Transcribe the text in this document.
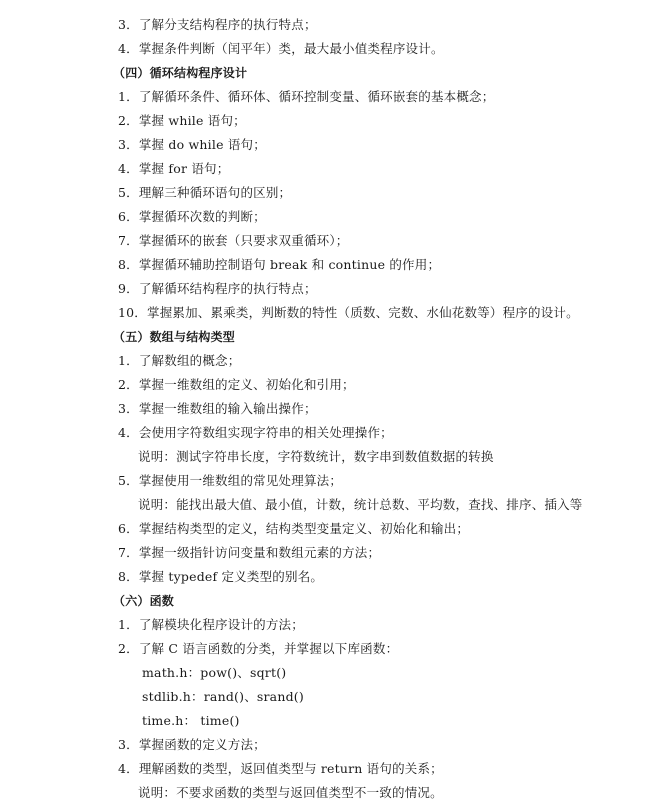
3．了解分支结构程序的执行特点；
4．掌握条件判断（闰平年）类，最大最小值类程序设计。
（四）循环结构程序设计
1．了解循环条件、循环体、循环控制变量、循环嵌套的基本概念；
2．掌握 while 语句；
3．掌握 do while 语句；
4．掌握 for 语句；
5．理解三种循环语句的区别；
6．掌握循环次数的判断；
7．掌握循环的嵌套（只要求双重循环）；
8．掌握循环辅助控制语句 break 和 continue 的作用；
9．了解循环结构程序的执行特点；
10．掌握累加、累乘类，判断数的特性（质数、完数、水仙花数等）程序的设计。
（五）数组与结构类型
1．了解数组的概念；
2．掌握一维数组的定义、初始化和引用；
3．掌握一维数组的输入输出操作；
4．会使用字符数组实现字符串的相关处理操作；
说明：测试字符串长度，字符数统计，数字串到数值数据的转换
5．掌握使用一维数组的常见处理算法；
说明：能找出最大值、最小值，计数，统计总数、平均数，查找、排序、插入等
6．掌握结构类型的定义，结构类型变量定义、初始化和输出；
7．掌握一级指针访问变量和数组元素的方法；
8．掌握 typedef 定义类型的别名。
（六）函数
1．了解模块化程序设计的方法；
2．了解 C 语言函数的分类，并掌握以下库函数：
math.h：pow()、sqrt()
stdlib.h：rand()、srand()
time.h： time()
3．掌握函数的定义方法；
4．理解函数的类型，返回值类型与 return 语句的关系；
说明：不要求函数的类型与返回值类型不一致的情况。
